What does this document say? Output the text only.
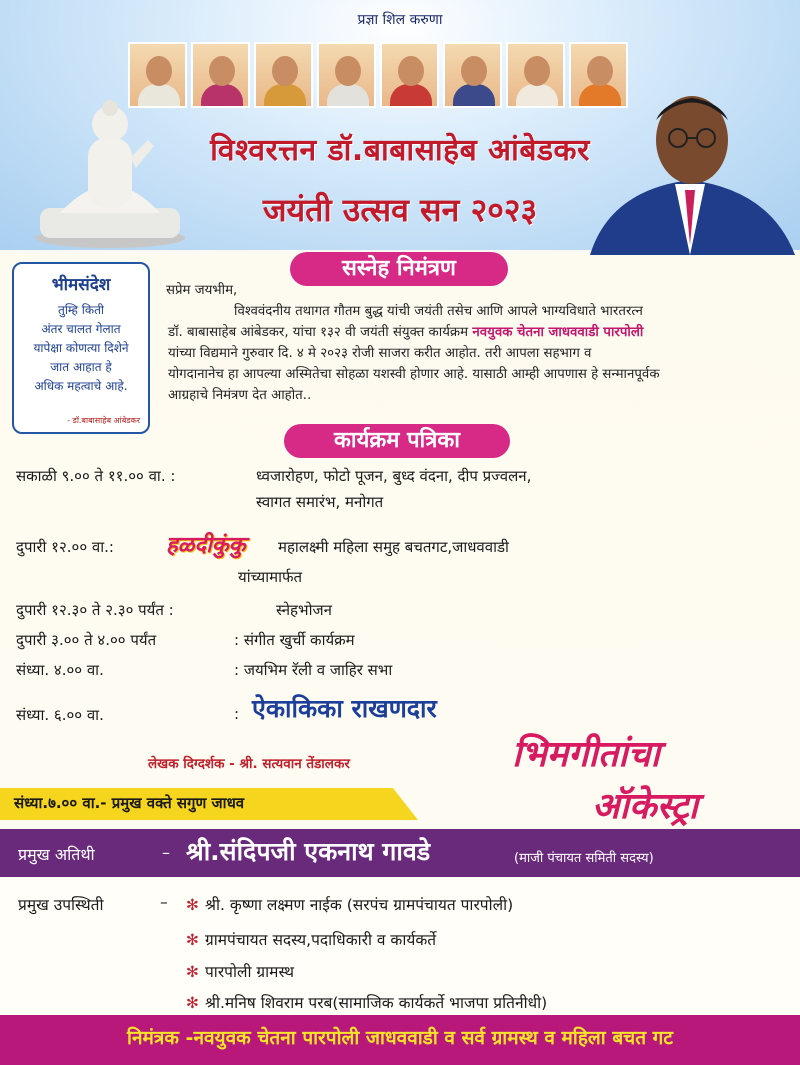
प्रज्ञा शिल करुणा
विश्वरत्तन डॉ.बाबासाहेब आंबेडकर
जयंती उत्सव सन २०२३
सस्नेह निमंत्रण
भीमसंदेश
तुम्हि किती
अंतर चालत गेलात
यापेक्षा कोणत्या दिशेने
जात आहात हे
अधिक महत्वाचे आहे.
- डॉ.बाबासाहेब आंबेडकर
सप्रेम जयभीम,
विश्ववंदनीय तथागत गौतम बुद्ध यांची जयंती तसेच आणि आपले भाग्यविधाते भारतरत्न
डॉ. बाबासाहेब आंबेडकर, यांचा १३२ वी जयंती संयुक्त कार्यक्रम नवयुवक चेतना जाधववाडी पारपोली
यांच्या विद्यमाने गुरुवार दि. ४ मे २०२३ रोजी साजरा करीत आहोत. तरी आपला सहभाग व
योगदानानेच हा आपल्या अस्मितेचा सोहळा यशस्वी होणार आहे. यासाठी आम्ही आपणास हे सन्मानपूर्वक
आग्रहाचे निमंत्रण देत आहोत..
कार्यक्रम पत्रिका
सकाळी ९.०० ते ११.०० वा. :	ध्वजारोहण, फोटो पूजन, बुध्द वंदना, दीप प्रज्वलन,
स्वागत समारंभ, मनोगत
दुपारी १२.०० वा.: हळदीकुंकु महालक्ष्मी महिला समुह बचतगट,जाधववाडी
यांच्यामार्फत
दुपारी १२.३० ते २.३० पर्यंत :	स्नेहभोजन
दुपारी ३.०० ते ४.०० पर्यंत	: संगीत खुर्ची कार्यक्रम
संध्या. ४.०० वा.	: जयभिम रॅली व जाहिर सभा
संध्या. ६.०० वा.	: ऐकाकिका राखणदार
लेखक दिग्दर्शक - श्री. सत्यवान तेंडालकर	भिमगीतांचा
ऑकेस्ट्रा
संध्या.७.०० वा.- प्रमुख वक्ते सगुण जाधव
प्रमुख अतिथी	– श्री.संदिपजी एकनाथ गावडे	(माजी पंचायत समिती सदस्य)
प्रमुख उपस्थिती	– ✻ श्री. कृष्णा लक्ष्मण नाईक (सरपंच ग्रामपंचायत पारपोली)
✻ ग्रामपंचायत सदस्य,पदाधिकारी व कार्यकर्ते
✻ पारपोली ग्रामस्थ
✻ श्री.मनिष शिवराम परब(सामाजिक कार्यकर्ते भाजपा प्रतिनीधी)
निमंत्रक -नवयुवक चेतना पारपोली जाधववाडी व सर्व ग्रामस्थ व महिला बचत गट
